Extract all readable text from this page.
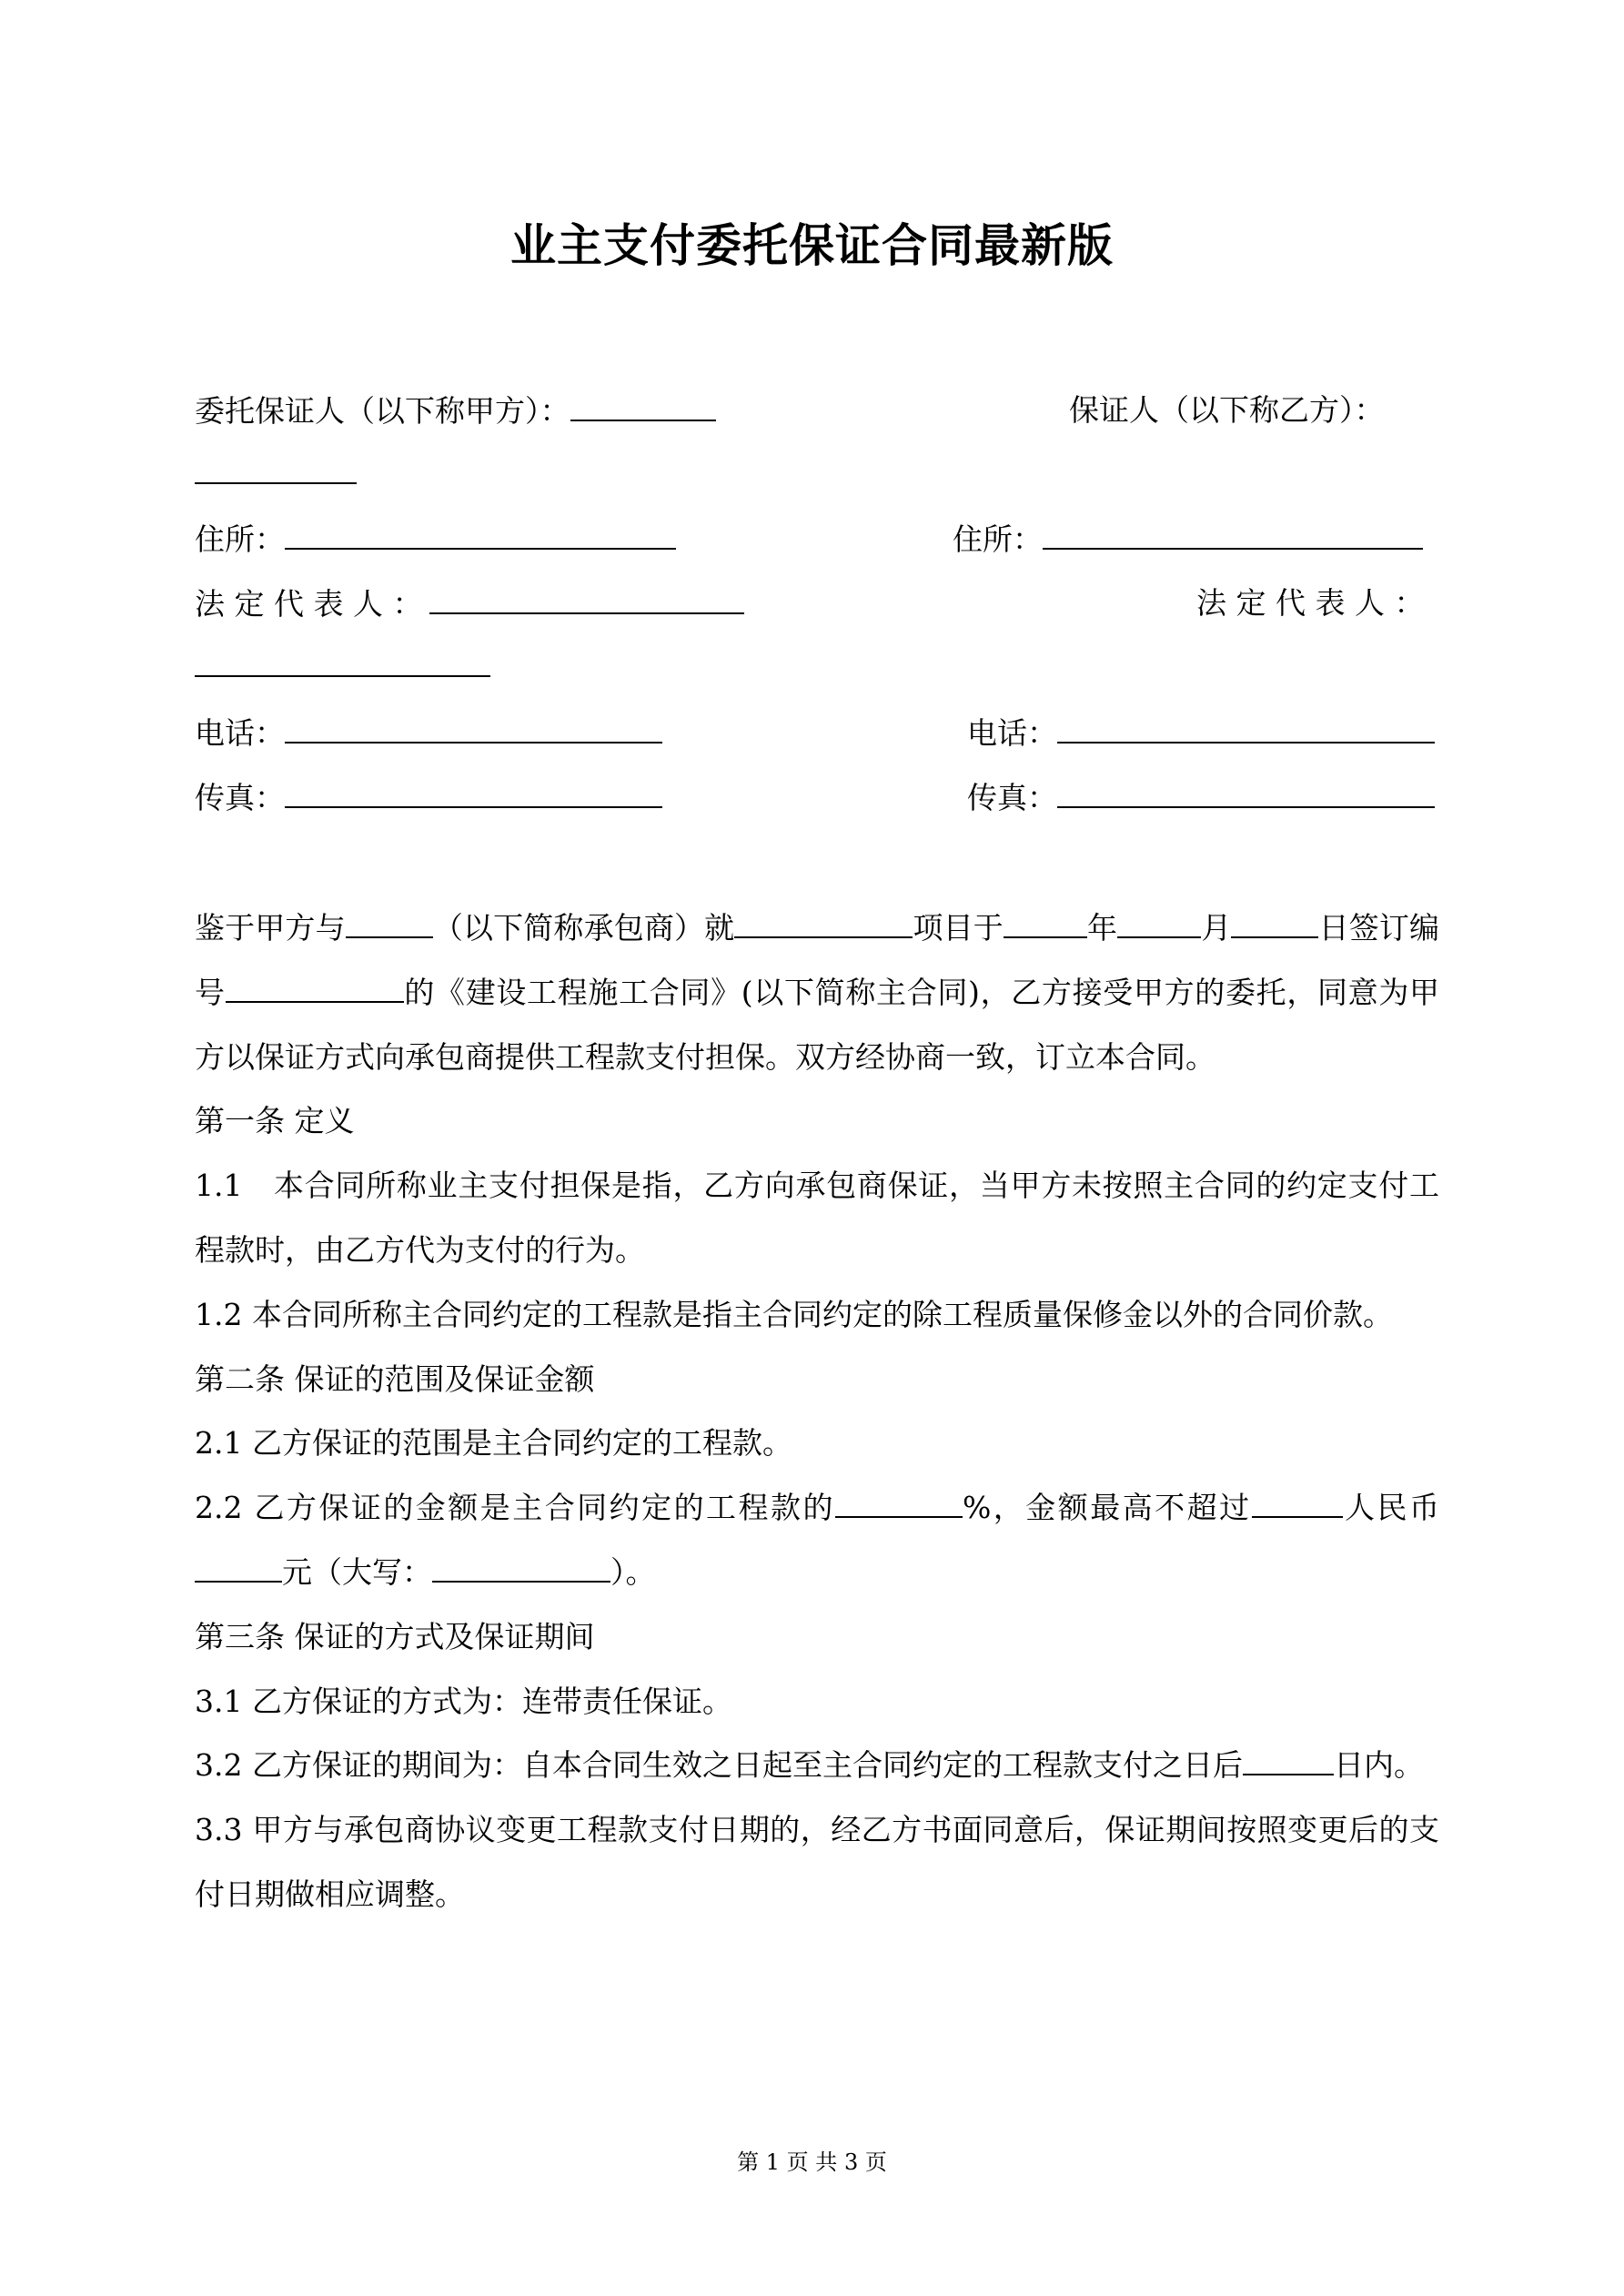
业主支付委托保证合同最新版
委托保证人（以下称甲方）：	保证人（以下称乙方）：
住所：	住所：
法 定 代 表 人 ：	法 定 代 表 人 ：
电话：	电话：
传真：	传真：

鉴于甲方与	（以下简称承包商）就	项目于	年	月	日签订编号	的《建设工程施工合同》(以下简称主合同)，乙方接受甲方的委托，同意为甲方以保证方式向承包商提供工程款支付担保。双方经协商一致，订立本合同。

第一条 定义

1.1　本合同所称业主支付担保是指，乙方向承包商保证，当甲方未按照主合同的约定支付工程款时，由乙方代为支付的行为。

1.2 本合同所称主合同约定的工程款是指主合同约定的除工程质量保修金以外的合同价款。

第二条 保证的范围及保证金额

2.1 乙方保证的范围是主合同约定的工程款。

2.2 乙方保证的金额是主合同约定的工程款的	%，金额最高不超过	人民币元（大写：	）。

第三条 保证的方式及保证期间

3.1 乙方保证的方式为：连带责任保证。

3.2 乙方保证的期间为：自本合同生效之日起至主合同约定的工程款支付之日后	日内。

3.3 甲方与承包商协议变更工程款支付日期的，经乙方书面同意后，保证期间按照变更后的支付日期做相应调整。

第 1 页 共 3 页
